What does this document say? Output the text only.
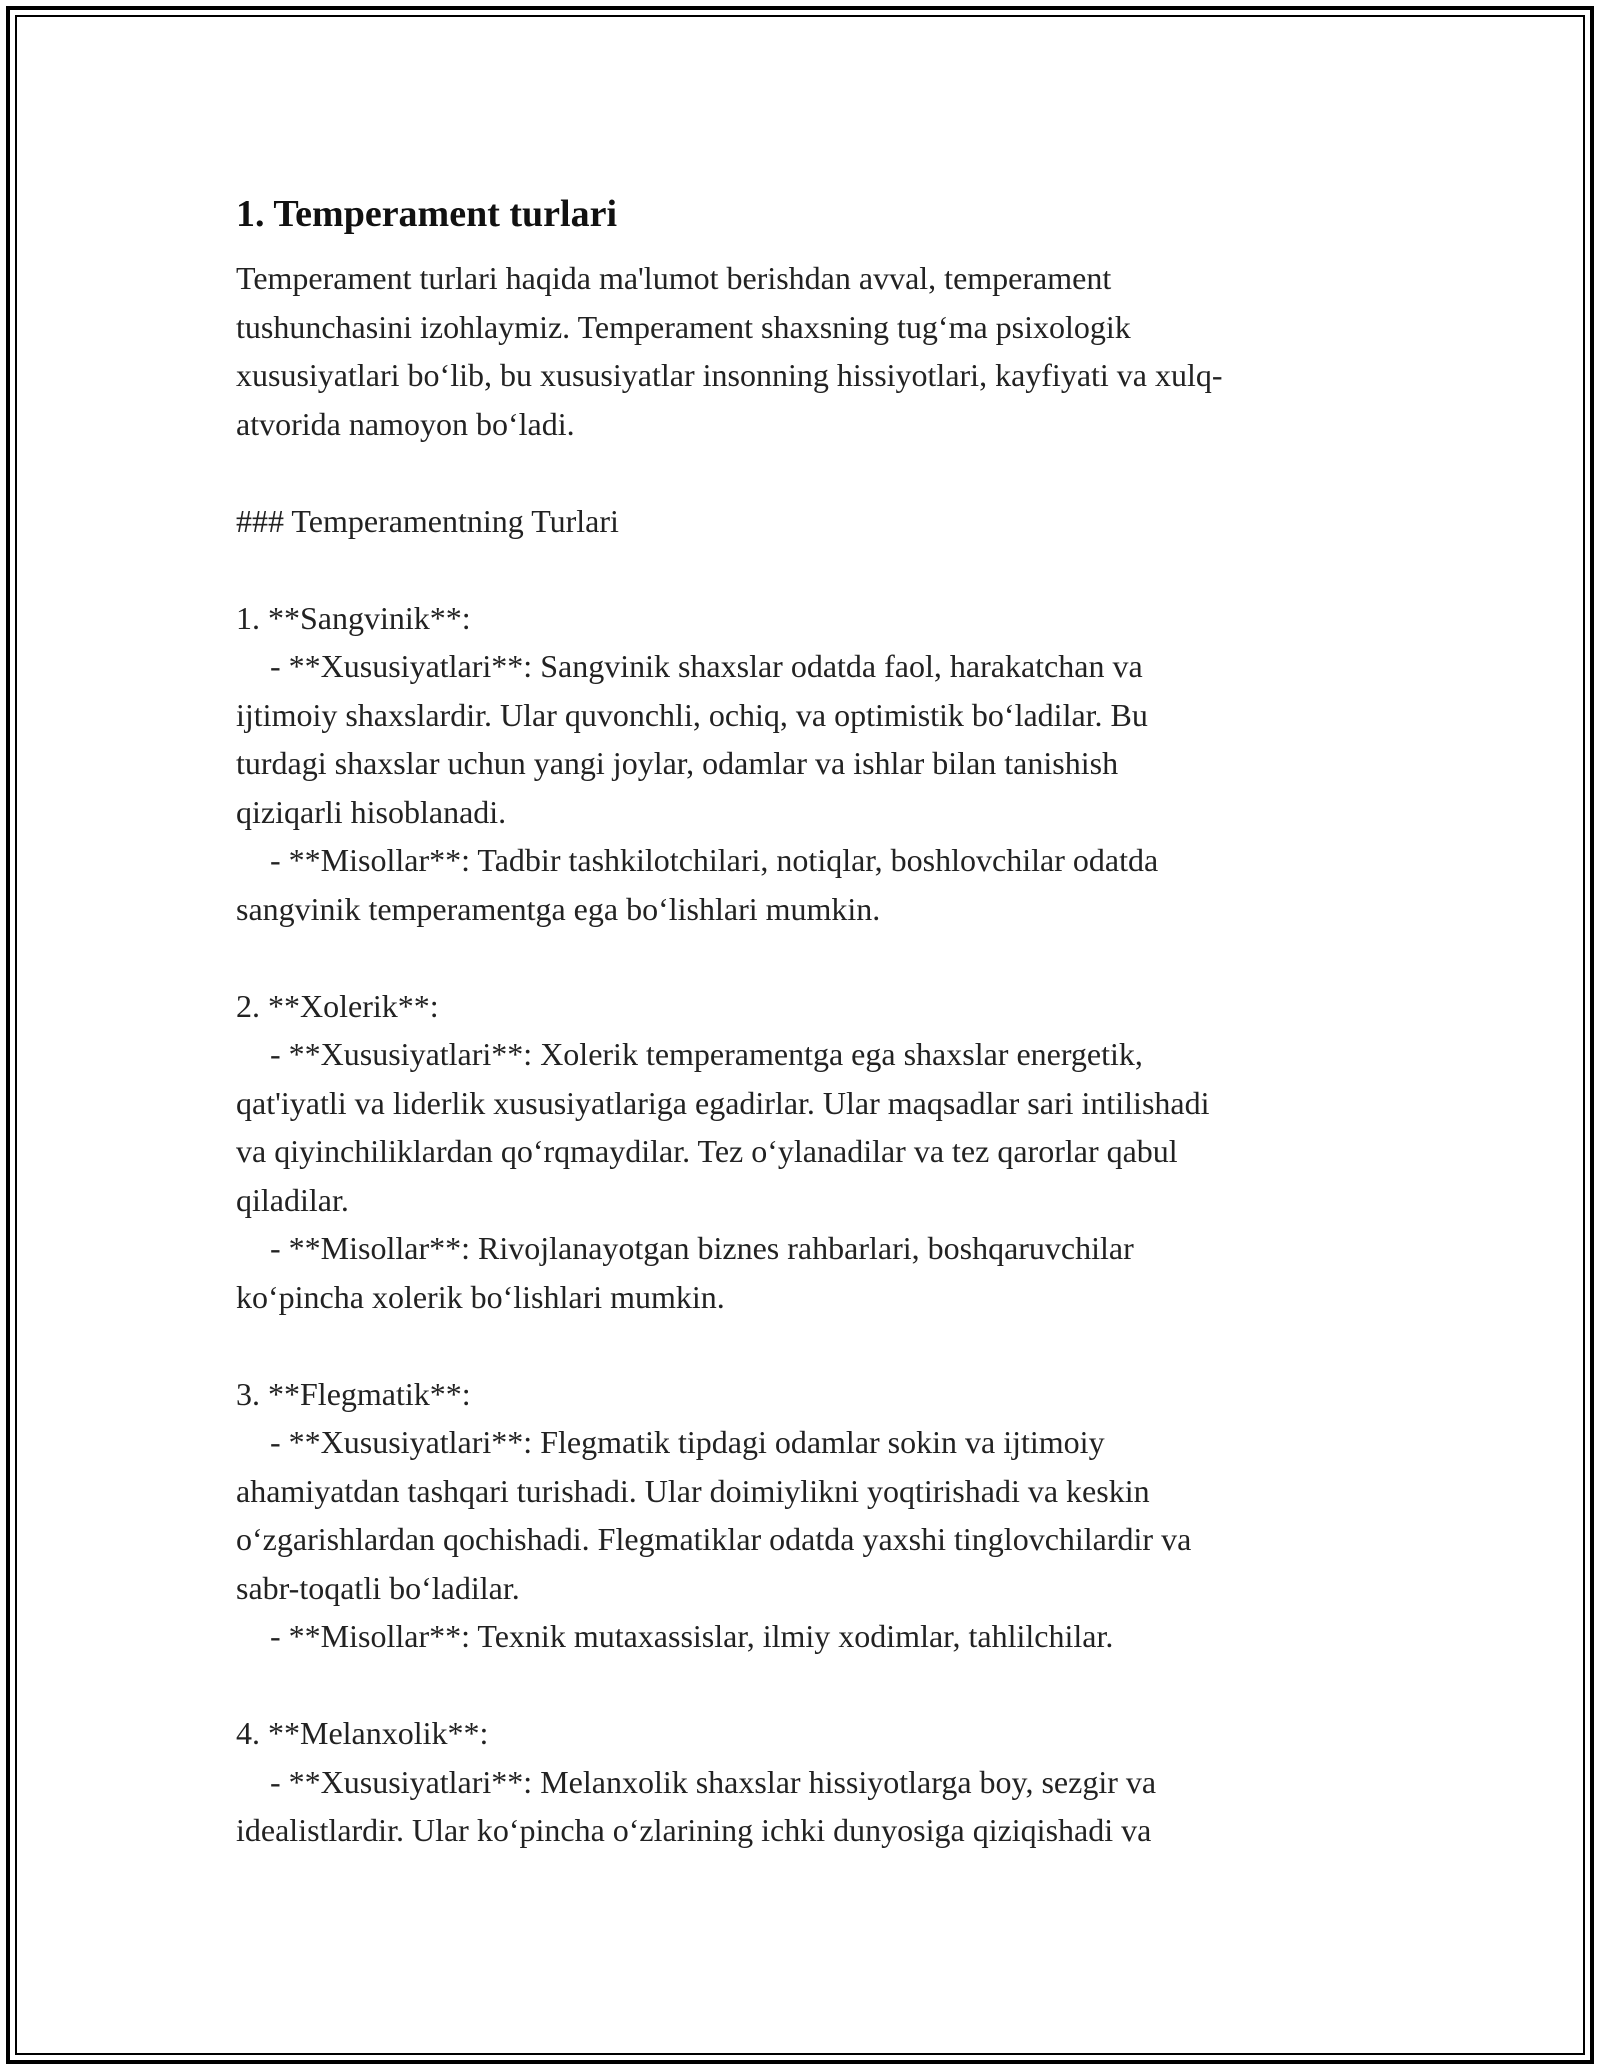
1. Temperament turlari
Temperament turlari haqida ma'lumot berishdan avval, temperament
tushunchasini izohlaymiz. Temperament shaxsning tug‘ma psixologik
xususiyatlari bo‘lib, bu xususiyatlar insonning hissiyotlari, kayfiyati va xulq-
atvorida namoyon bo‘ladi.
### Temperamentning Turlari
1. **Sangvinik**:
- **Xususiyatlari**: Sangvinik shaxslar odatda faol, harakatchan va
ijtimoiy shaxslardir. Ular quvonchli, ochiq, va optimistik bo‘ladilar. Bu
turdagi shaxslar uchun yangi joylar, odamlar va ishlar bilan tanishish
qiziqarli hisoblanadi.
- **Misollar**: Tadbir tashkilotchilari, notiqlar, boshlovchilar odatda
sangvinik temperamentga ega bo‘lishlari mumkin.
2. **Xolerik**:
- **Xususiyatlari**: Xolerik temperamentga ega shaxslar energetik,
qat'iyatli va liderlik xususiyatlariga egadirlar. Ular maqsadlar sari intilishadi
va qiyinchiliklardan qo‘rqmaydilar. Tez o‘ylanadilar va tez qarorlar qabul
qiladilar.
- **Misollar**: Rivojlanayotgan biznes rahbarlari, boshqaruvchilar
ko‘pincha xolerik bo‘lishlari mumkin.
3. **Flegmatik**:
- **Xususiyatlari**: Flegmatik tipdagi odamlar sokin va ijtimoiy
ahamiyatdan tashqari turishadi. Ular doimiylikni yoqtirishadi va keskin
o‘zgarishlardan qochishadi. Flegmatiklar odatda yaxshi tinglovchilardir va
sabr-toqatli bo‘ladilar.
- **Misollar**: Texnik mutaxassislar, ilmiy xodimlar, tahlilchilar.
4. **Melanxolik**:
- **Xususiyatlari**: Melanxolik shaxslar hissiyotlarga boy, sezgir va
idealistlardir. Ular ko‘pincha o‘zlarining ichki dunyosiga qiziqishadi va
